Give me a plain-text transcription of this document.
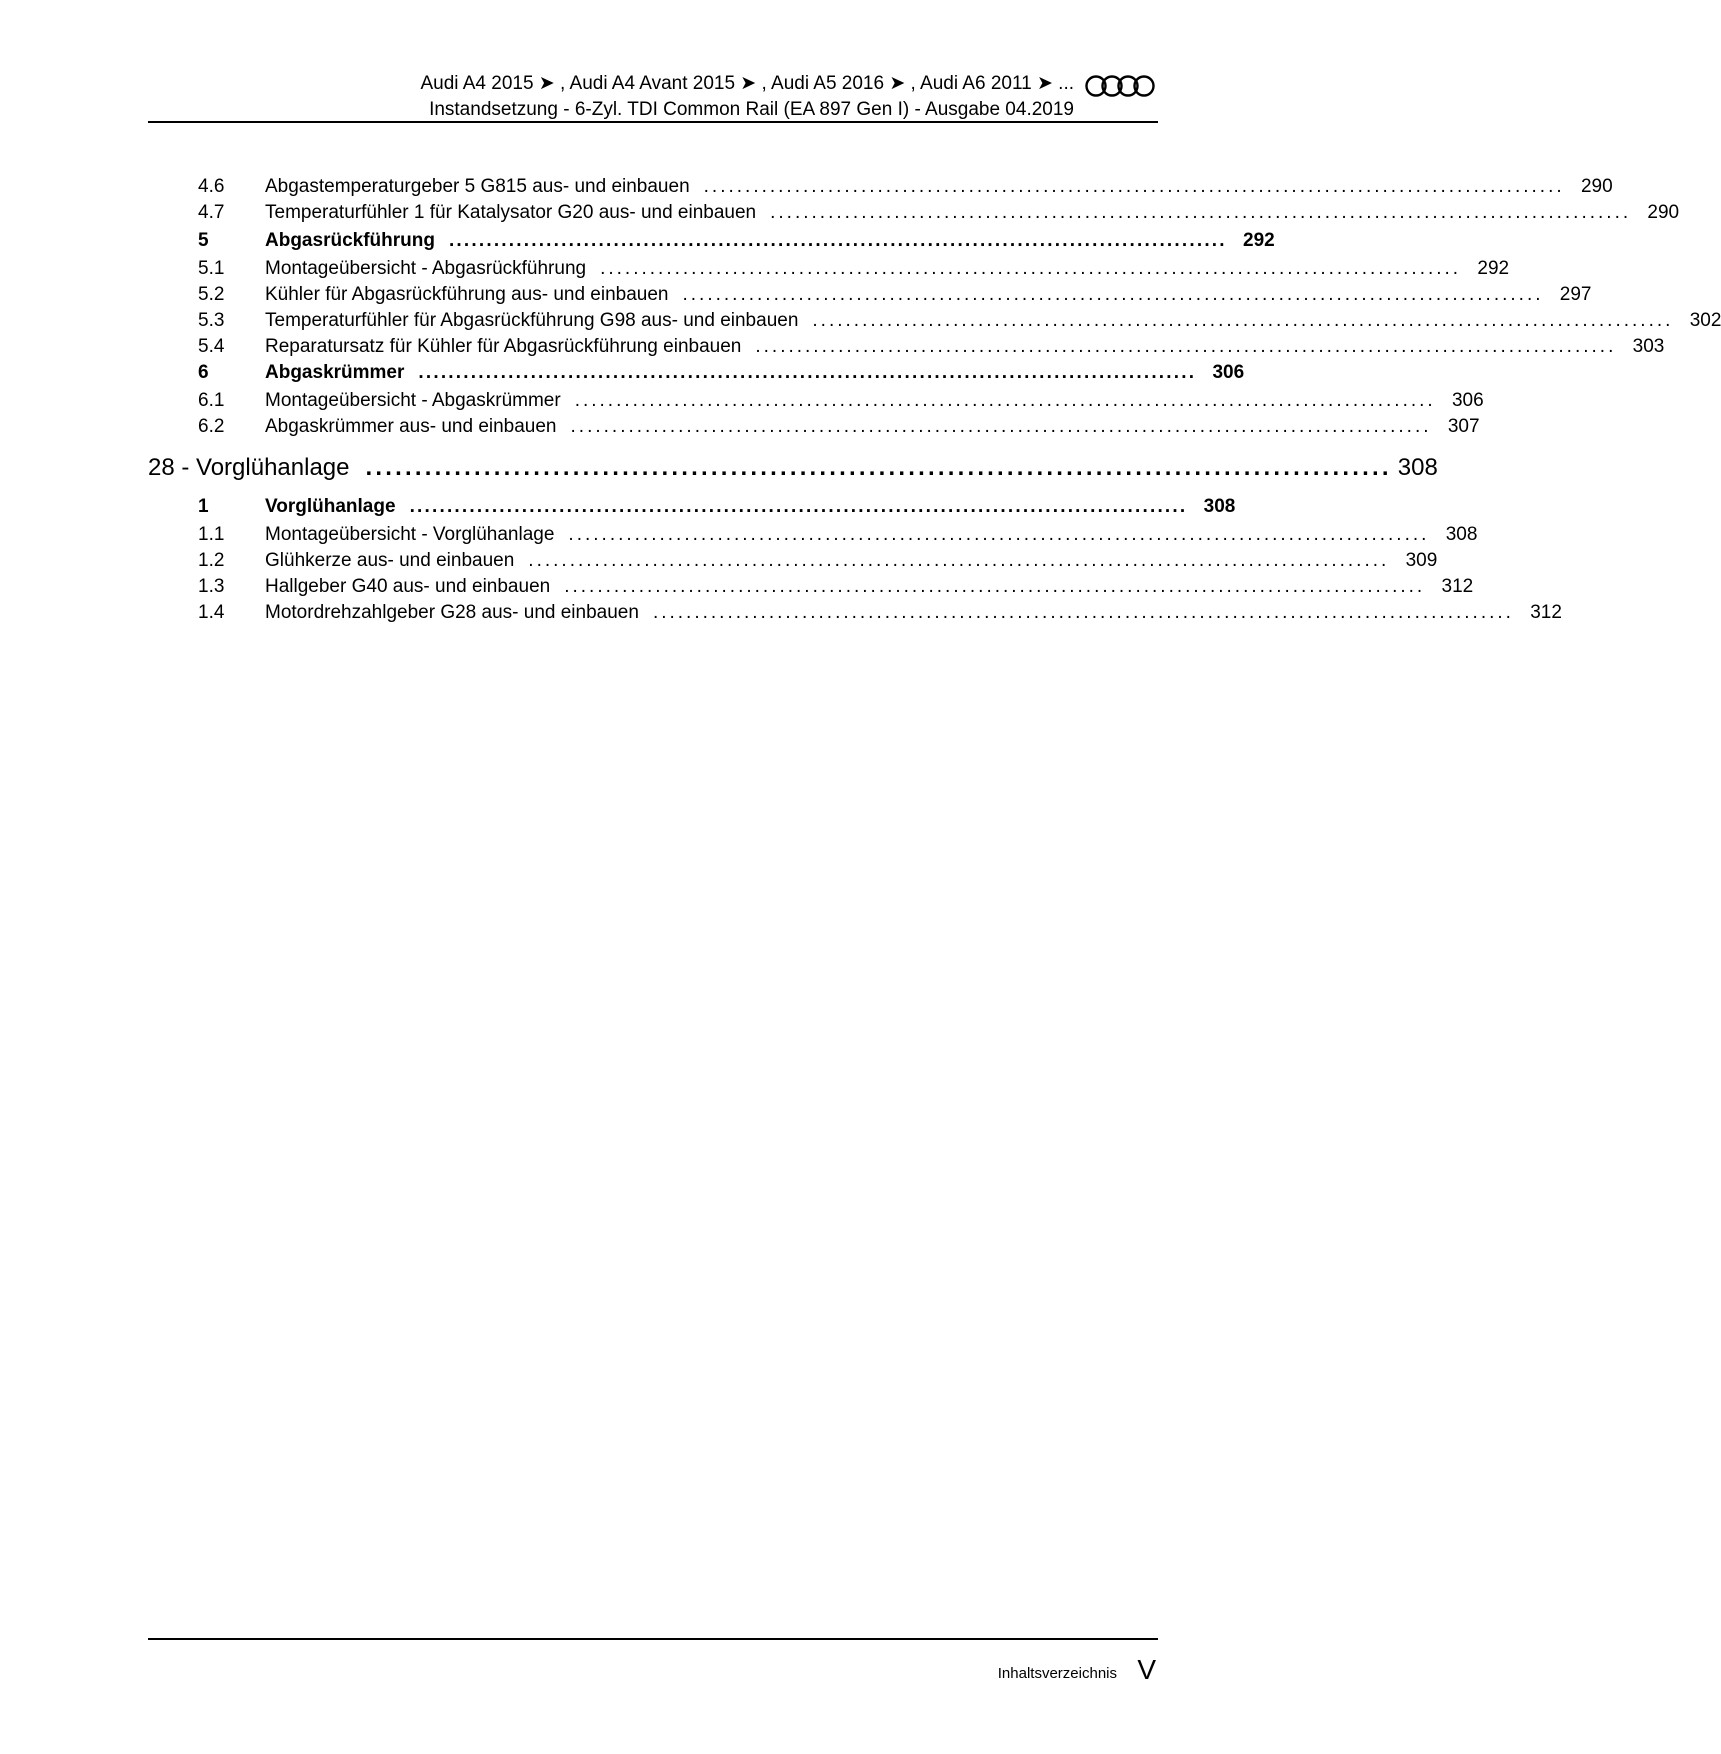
Audi A4 2015 ➤ , Audi A4 Avant 2015 ➤ , Audi A5 2016 ➤ , Audi A6 2011 ➤ ...
Instandsetzung - 6-Zyl. TDI Common Rail (EA 897 Gen I) - Ausgabe 04.2019
4.6	Abgastemperaturgeber 5 G815 aus- und einbauen ........................................................................................................ 290
4.7	Temperaturfühler 1 für Katalysator G20 aus- und einbauen ........................................................................................................ 290
5	Abgasrückführung ........................................................................................................ 292
5.1	Montageübersicht - Abgasrückführung ........................................................................................................ 292
5.2	Kühler für Abgasrückführung aus- und einbauen ........................................................................................................ 297
5.3	Temperaturfühler für Abgasrückführung G98 aus- und einbauen ........................................................................................................ 302
5.4	Reparatursatz für Kühler für Abgasrückführung einbauen ........................................................................................................ 303
6	Abgaskrümmer ........................................................................................................ 306
6.1	Montageübersicht - Abgaskrümmer ........................................................................................................ 306
6.2	Abgaskrümmer aus- und einbauen ........................................................................................................ 307
28 - Vorglühanlage ........................................................................................................ 308
1	Vorglühanlage ........................................................................................................ 308
1.1	Montageübersicht - Vorglühanlage ........................................................................................................ 308
1.2	Glühkerze aus- und einbauen ........................................................................................................ 309
1.3	Hallgeber G40 aus- und einbauen ........................................................................................................ 312
1.4	Motordrehzahlgeber G28 aus- und einbauen ........................................................................................................ 312
Inhaltsverzeichnis V
